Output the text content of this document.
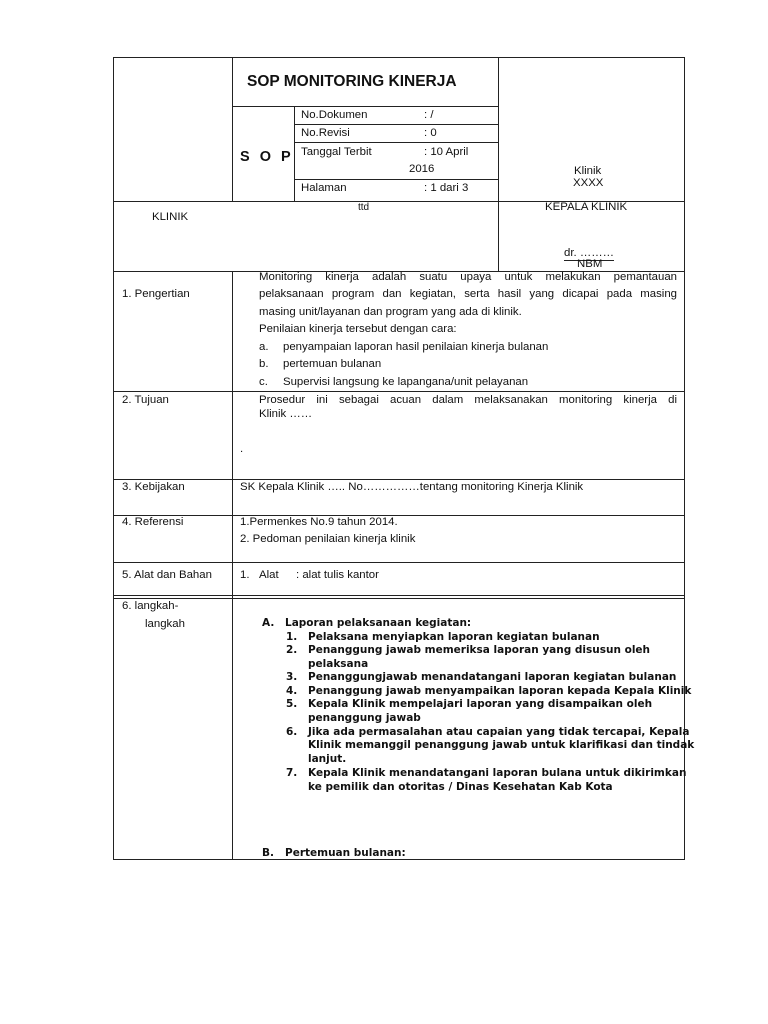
SOP MONITORING KINERJA
S O P
No.Dokumen	: /
No.Revisi	: 0
Tanggal Terbit	: 10 April
2016
Halaman	: 1 dari 3
Klinik
XXXX
KLINIK
ttd	KEPALA KLINIK
dr. ………
NBM
1. Pengertian
Monitoring kinerja adalah suatu upaya untuk melakukan pemantauan
pelaksanaan program dan kegiatan, serta hasil yang dicapai pada masing
masing unit/layanan dan program yang ada di klinik.
Penilaian kinerja tersebut dengan cara:
a. penyampaian laporan hasil penilaian kinerja bulanan
b. pertemuan bulanan
c. Supervisi langsung ke lapangana/unit pelayanan
2. Tujuan	Prosedur ini sebagai acuan dalam melaksanakan monitoring kinerja di
Klinik ……
.
3. Kebijakan	SK Kepala Klinik ….. No……………tentang monitoring Kinerja Klinik
4. Referensi	1.Permenkes No.9 tahun 2014.
2. Pedoman penilaian kinerja klinik
5. Alat dan Bahan 1. Alat : alat tulis kantor
6. langkah-
langkah	A. Laporan pelaksanaan kegiatan:
1. Pelaksana menyiapkan laporan kegiatan bulanan
2. Penanggung jawab memeriksa laporan yang disusun oleh
pelaksana
3. Penanggungjawab menandatangani laporan kegiatan bulanan
4. Penanggung jawab menyampaikan laporan kepada Kepala Klinik
5. Kepala Klinik mempelajari laporan yang disampaikan oleh
penanggung jawab
6. Jika ada permasalahan atau capaian yang tidak tercapai, Kepala
Klinik memanggil penanggung jawab untuk klarifikasi dan tindak
lanjut.
7. Kepala Klinik menandatangani laporan bulana untuk dikirimkan
ke pemilik dan otoritas / Dinas Kesehatan Kab Kota
B. Pertemuan bulanan:
